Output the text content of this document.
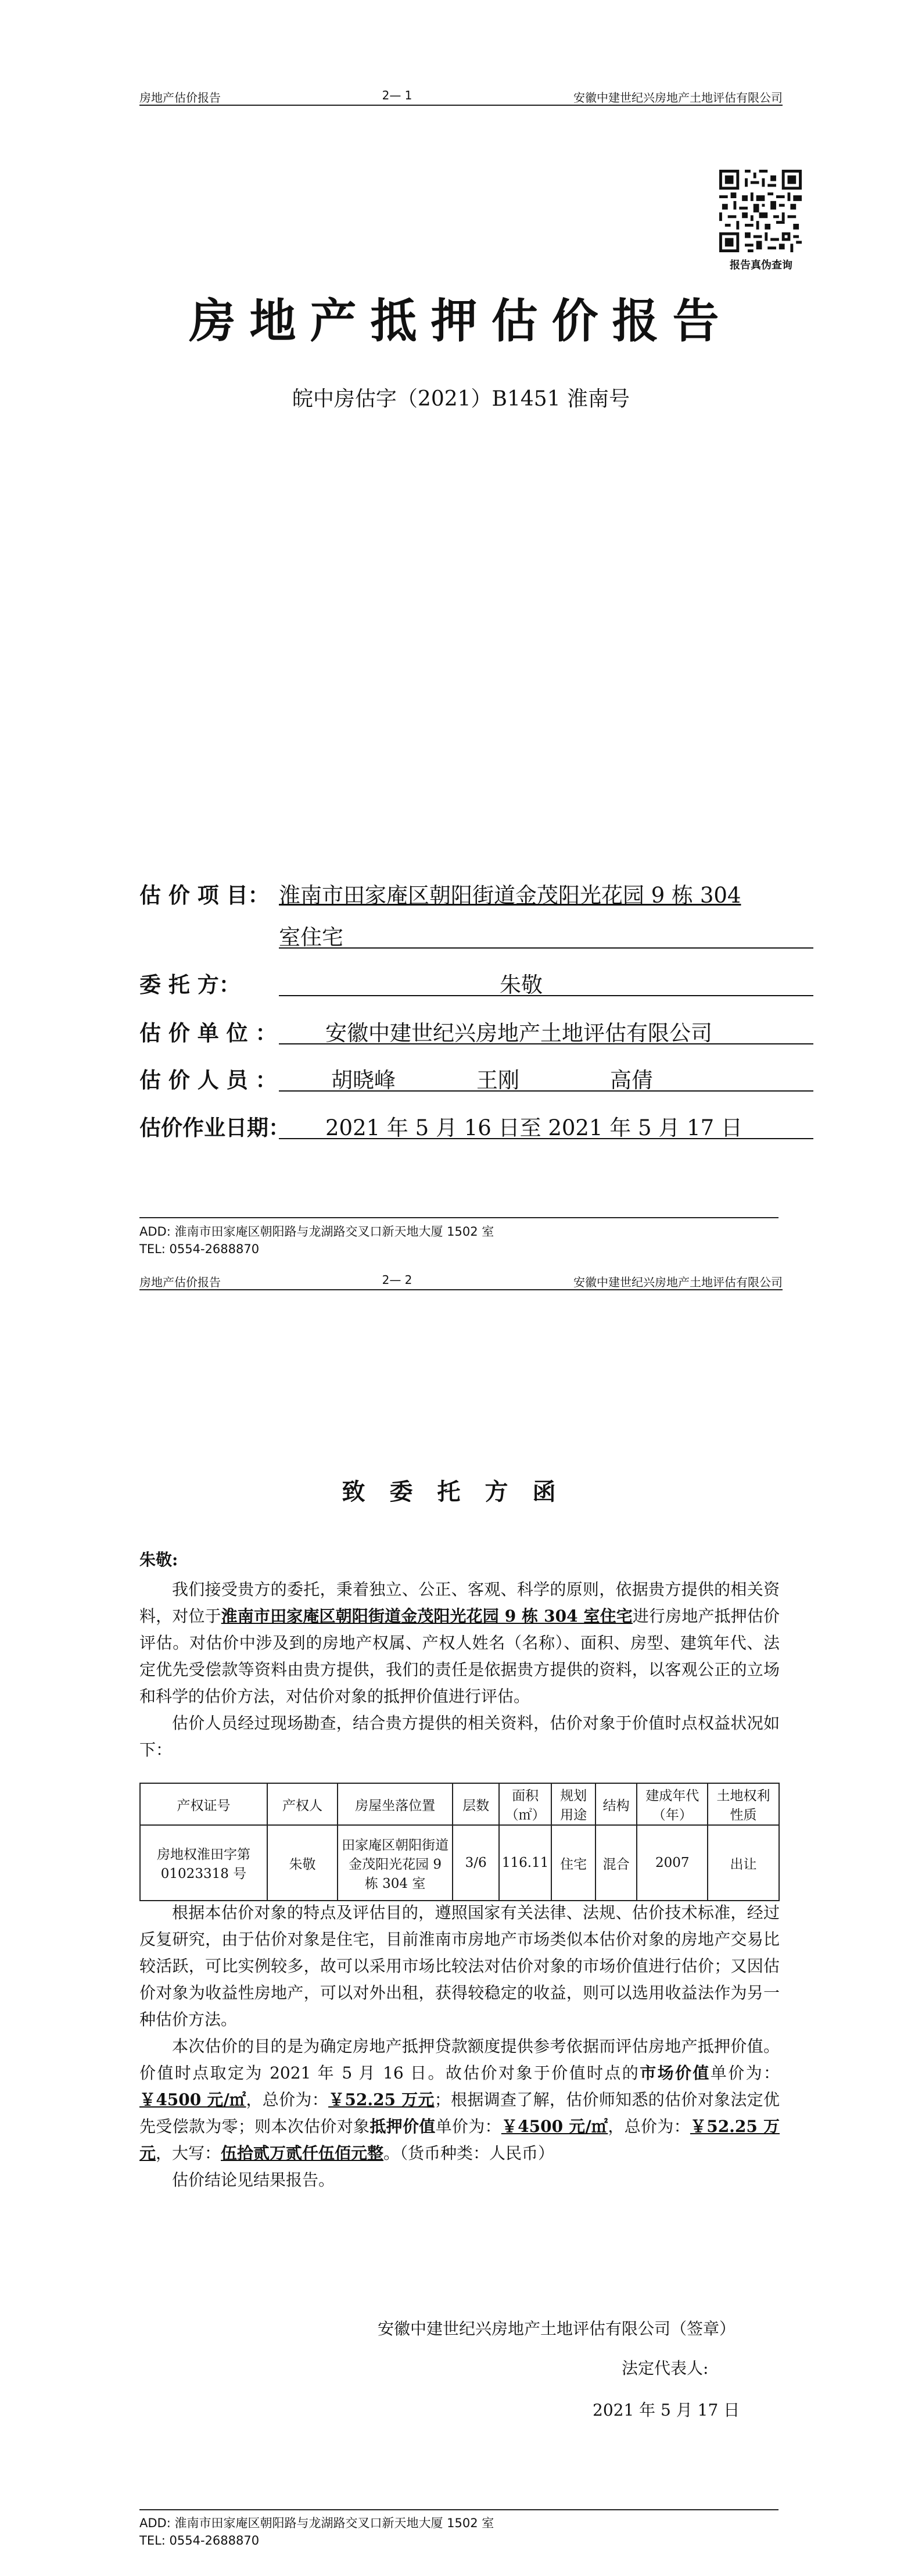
房地产估价报告	2— 1	安徽中建世纪兴房地产土地评估有限公司
报告真伪查询
房地产抵押估价报告
皖中房估字（2021）B1451 淮南号
估 价 项 目： 淮南市田家庵区朝阳街道金茂阳光花园 9 栋 304
室住宅
委 托 方：	朱敬
估 价 单 位 ： 安徽中建世纪兴房地产土地评估有限公司
估 价 人 员 ：	胡晓峰	王刚	高倩
估价作业日期： 2021 年 5 月 16 日至 2021 年 5 月 17 日
ADD: 淮南市田家庵区朝阳路与龙湖路交叉口新天地大厦 1502 室
TEL: 0554-2688870
房地产估价报告	2— 2	安徽中建世纪兴房地产土地评估有限公司
致委托方函
朱敬:

我们接受贵方的委托，秉着独立、公正、客观、科学的原则，依据贵方提供的相关资料，对位于淮南市田家庵区朝阳街道金茂阳光花园 9 栋 304 室住宅进行房地产抵押估价评估。对估价中涉及到的房地产权属、产权人姓名（名称）、面积、房型、建筑年代、法定优先受偿款等资料由贵方提供，我们的责任是依据贵方提供的资料，以客观公正的立场和科学的估价方法，对估价对象的抵押价值进行评估。

估价人员经过现场勘查，结合贵方提供的相关资料，估价对象于价值时点权益状况如下：

产权证号	产权人	房屋坐落位置	层数	面积（㎡）	规划用途	结构	建成年代（年）	土地权利性质
房地权淮田字第 01023318 号	朱敬	田家庵区朝阳街道金茂阳光花园 9 栋 304 室	3/6	116.11	住宅	混合	2007	出让

根据本估价对象的特点及评估目的，遵照国家有关法律、法规、估价技术标准，经过反复研究，由于估价对象是住宅，目前淮南市房地产市场类似本估价对象的房地产交易比较活跃，可比实例较多，故可以采用市场比较法对估价对象的市场价值进行估价；又因估价对象为收益性房地产，可以对外出租，获得较稳定的收益，则可以选用收益法作为另一种估价方法。

本次估价的目的是为确定房地产抵押贷款额度提供参考依据而评估房地产抵押价值。价值时点取定为 2021 年 5 月 16 日。故估价对象于价值时点的市场价值单价为：￥4500 元/㎡，总价为：￥52.25 万元；根据调查了解，估价师知悉的估价对象法定优先受偿款为零；则本次估价对象抵押价值单价为：￥4500 元/㎡，总价为：￥52.25 万元，大写：伍拾贰万贰仟伍佰元整。（货币种类：人民币）

估价结论见结果报告。

安徽中建世纪兴房地产土地评估有限公司（签章）
法定代表人:
2021 年 5 月 17 日
ADD: 淮南市田家庵区朝阳路与龙湖路交叉口新天地大厦 1502 室
TEL: 0554-2688870
